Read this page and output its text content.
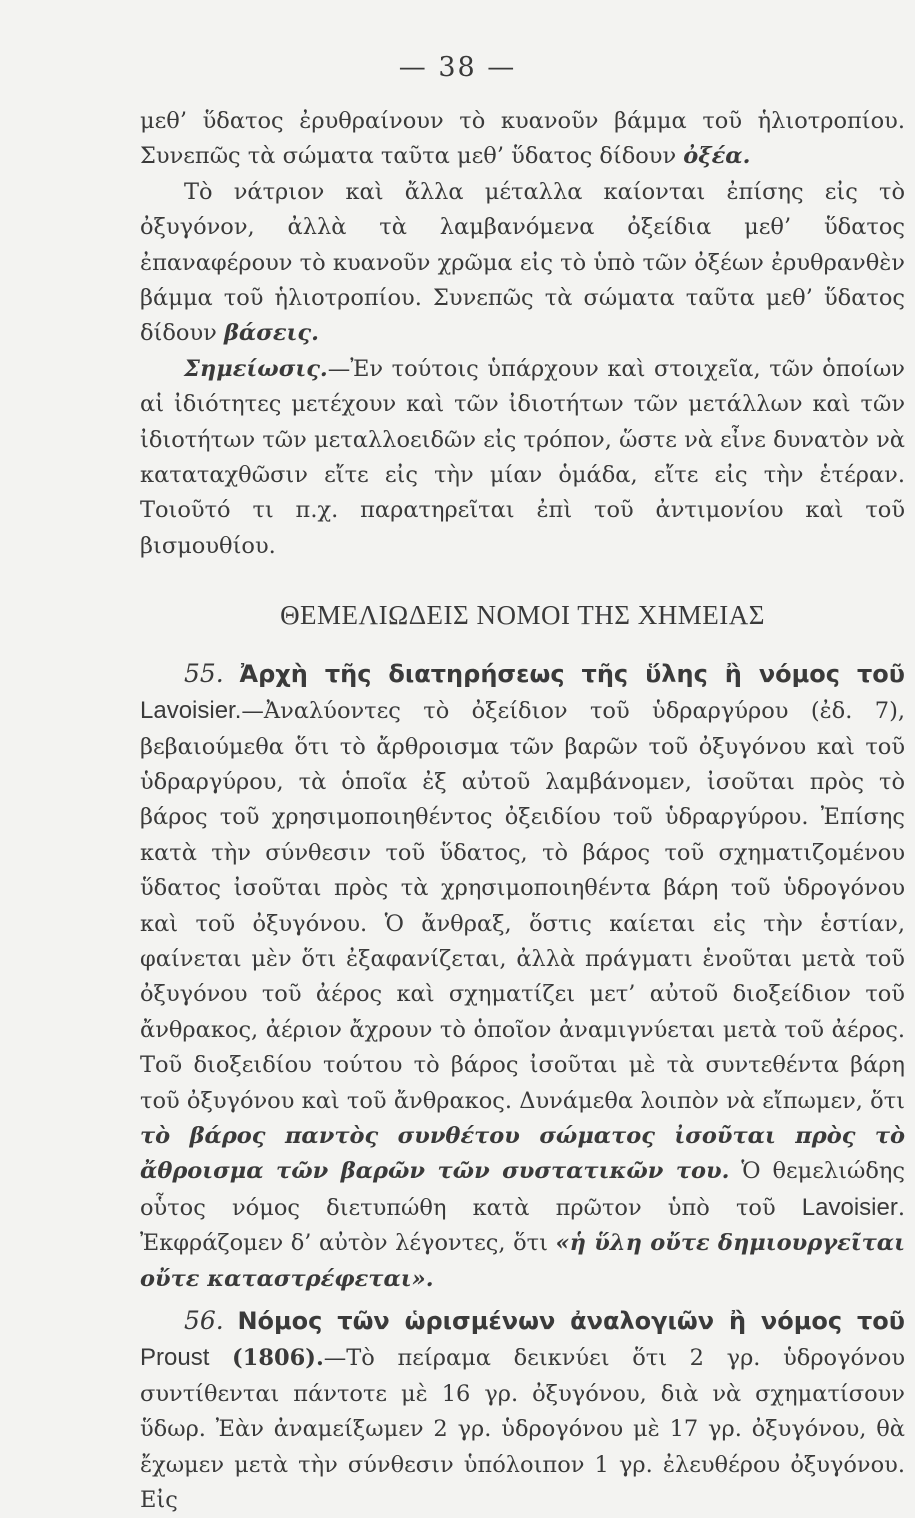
— 38 —

μεθ’ ὕδατος ἐρυθραίνουν τὸ κυανοῦν βάμμα τοῦ ἡλιοτροπίου. Συνεπῶς τὰ σώματα ταῦτα μεθ’ ὕδατος δίδουν ὀξέα.

Τὸ νάτριον καὶ ἄλλα μέταλλα καίονται ἐπίσης εἰς τὸ ὀξυγόνον, ἀλλὰ τὰ λαμβανόμενα ὀξείδια μεθ’ ὕδατος ἐπαναφέρουν τὸ κυανοῦν χρῶμα εἰς τὸ ὑπὸ τῶν ὀξέων ἐρυθρανθὲν βάμμα τοῦ ἡλιοτροπίου. Συνεπῶς τὰ σώματα ταῦτα μεθ’ ὕδατος δίδουν βάσεις.

Σημείωσις.—Ἐν τούτοις ὑπάρχουν καὶ στοιχεῖα, τῶν ὁποίων αἱ ἰδιότητες μετέχουν καὶ τῶν ἰδιοτήτων τῶν μετάλλων καὶ τῶν ἰδιοτήτων τῶν μεταλλοειδῶν εἰς τρόπον, ὥστε νὰ εἶνε δυνατὸν νὰ καταταχθῶσιν εἴτε εἰς τὴν μίαν ὁμάδα, εἴτε εἰς τὴν ἑτέραν. Τοιοῦτό τι π.χ. παρατηρεῖται ἐπὶ τοῦ ἀντιμονίου καὶ τοῦ βισμουθίου.

ΘΕΜΕΛΙΩΔΕΙΣ ΝΟΜΟΙ ΤΗΣ ΧΗΜΕΙΑΣ

55. Ἀρχὴ τῆς διατηρήσεως τῆς ὕλης ἢ νόμος τοῦ Lavoisier.—Ἀναλύοντες τὸ ὀξείδιον τοῦ ὑδραργύρου (ἐδ. 7), βεβαιούμεθα ὅτι τὸ ἄρθροισμα τῶν βαρῶν τοῦ ὀξυγόνου καὶ τοῦ ὑδραργύρου, τὰ ὁποῖα ἐξ αὐτοῦ λαμβάνομεν, ἰσοῦται πρὸς τὸ βάρος τοῦ χρησιμοποιηθέντος ὀξειδίου τοῦ ὑδραργύρου. Ἐπίσης κατὰ τὴν σύνθεσιν τοῦ ὕδατος, τὸ βάρος τοῦ σχηματιζομένου ὕδατος ἰσοῦται πρὸς τὰ χρησιμοποιηθέντα βάρη τοῦ ὑδρογόνου καὶ τοῦ ὀξυγόνου. Ὁ ἄνθραξ, ὅστις καίεται εἰς τὴν ἑστίαν, φαίνεται μὲν ὅτι ἐξαφανίζεται, ἀλλὰ πράγματι ἑνοῦται μετὰ τοῦ ὀξυγόνου τοῦ ἀέρος καὶ σχηματίζει μετ’ αὐτοῦ διοξείδιον τοῦ ἄνθρακος, ἀέριον ἄχρουν τὸ ὁποῖον ἀναμιγνύεται μετὰ τοῦ ἀέρος. Τοῦ διοξειδίου τούτου τὸ βάρος ἰσοῦται μὲ τὰ συντεθέντα βάρη τοῦ ὀξυγόνου καὶ τοῦ ἄνθρακος. Δυνάμεθα λοιπὸν νὰ εἴπωμεν, ὅτι τὸ βάρος παντὸς συνθέτου σώματος ἰσοῦται πρὸς τὸ ἄθροισμα τῶν βαρῶν τῶν συστατικῶν του. Ὁ θεμελιώδης οὗτος νόμος διετυπώθη κατὰ πρῶτον ὑπὸ τοῦ Lavoisier. Ἐκφράζομεν δ’ αὐτὸν λέγοντες, ὅτι «ἡ ὕλη οὔτε δημιουργεῖται οὔτε καταστρέφεται».

56. Νόμος τῶν ὡρισμένων ἀναλογιῶν ἢ νόμος τοῦ Proust (1806).—Τὸ πείραμα δεικνύει ὅτι 2 γρ. ὑδρογόνου συντίθενται πάντοτε μὲ 16 γρ. ὀξυγόνου, διὰ νὰ σχηματίσουν ὕδωρ. Ἐὰν ἀναμείξωμεν 2 γρ. ὑδρογόνου μὲ 17 γρ. ὀξυγόνου, θὰ ἔχωμεν μετὰ τὴν σύνθεσιν ὑπόλοιπον 1 γρ. ἐλευθέρου ὀξυγόνου. Εἰς
